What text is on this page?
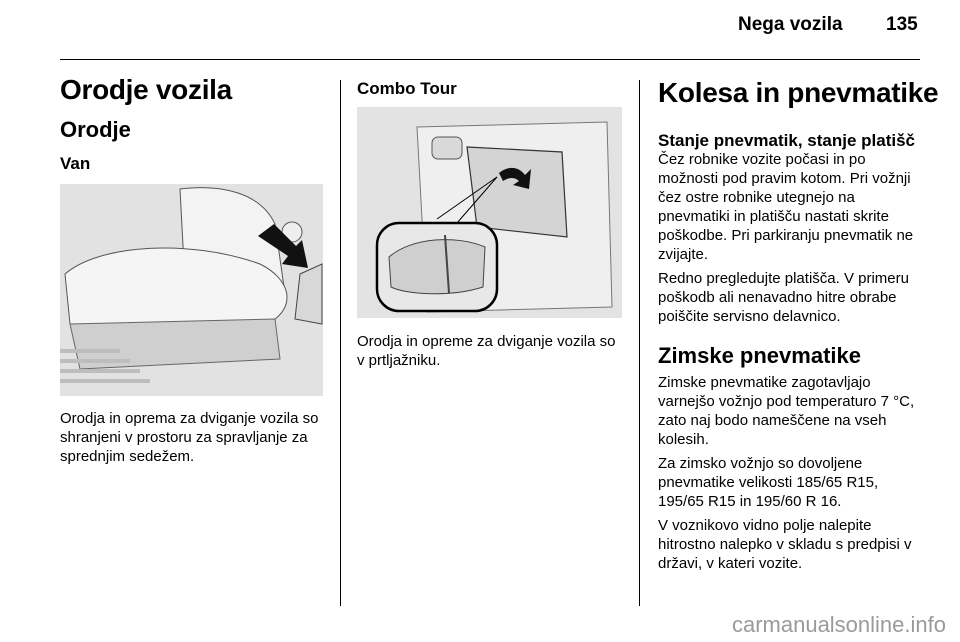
Nega vozila 135
Orodje vozila
Orodje
Van

Orodja in oprema za dviganje vozila so shranjeni v prostoru za spravljanje za sprednjim sedežem.

Combo Tour

Orodja in opreme za dviganje vozila so v prtljažniku.

Kolesa in pnevmatike
Stanje pnevmatik, stanje platišč

Čez robnike vozite počasi in po možnosti pod pravim kotom. Pri vožnji čez ostre robnike utegnejo na pnevmatiki in platišču nastati skrite poškodbe. Pri parkiranju pnevmatik ne zvijajte.

Redno pregledujte platišča. V primeru poškodb ali nenavadno hitre obrabe poiščite servisno delavnico.

Zimske pnevmatike

Zimske pnevmatike zagotavljajo varnejšo vožnjo pod temperaturo 7 °C, zato naj bodo nameščene na vseh kolesih.

Za zimsko vožnjo so dovoljene pnevmatike velikosti 185/65 R15, 195/65 R15 in 195/60 R 16.

V voznikovo vidno polje nalepite hitrostno nalepko v skladu s predpisi v državi, v kateri vozite.

carmanualsonline.info
